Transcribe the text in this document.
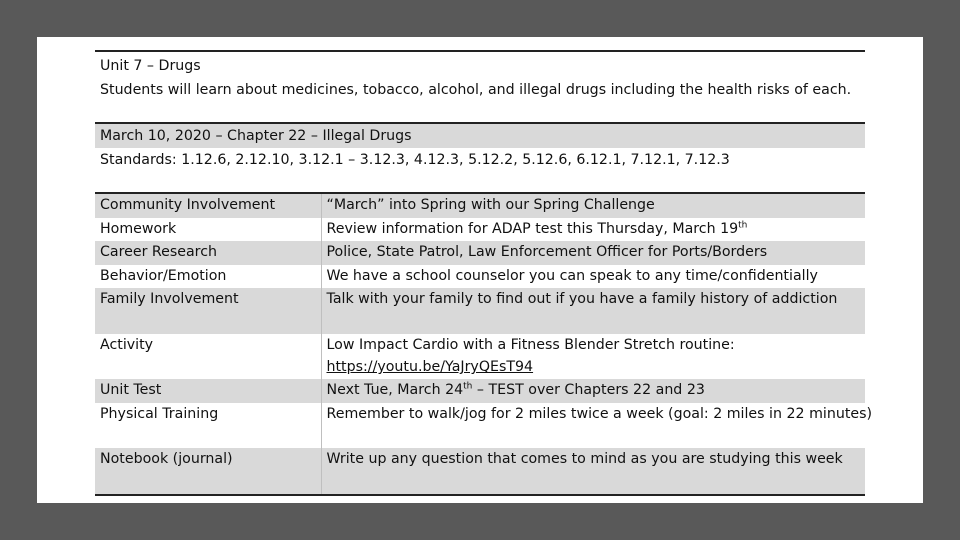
Unit 7 – Drugs
Students will learn about medicines, tobacco, alcohol, and illegal drugs including the health risks of each.
March 10, 2020 – Chapter 22 – Illegal Drugs
Standards: 1.12.6, 2.12.10, 3.12.1 – 3.12.3, 4.12.3, 5.12.2, 5.12.6, 6.12.1, 7.12.1, 7.12.3
Community Involvement	“March” into Spring with our Spring Challenge
Homework	Review information for ADAP test this Thursday, March 19th
Career Research	Police, State Patrol, Law Enforcement Officer for Ports/Borders
Behavior/Emotion	We have a school counselor you can speak to any time/confidentially
Family Involvement	Talk with your family to find out if you have a family history of addiction
Activity	Low Impact Cardio with a Fitness Blender Stretch routine:
https://youtu.be/YaJryQEsT94

Unit Test	Next Tue, March 24th – TEST over Chapters 22 and 23
Physical Training	Remember to walk/jog for 2 miles twice a week (goal: 2 miles in 22 minutes)

Notebook (journal)	Write up any question that comes to mind as you are studying this week
